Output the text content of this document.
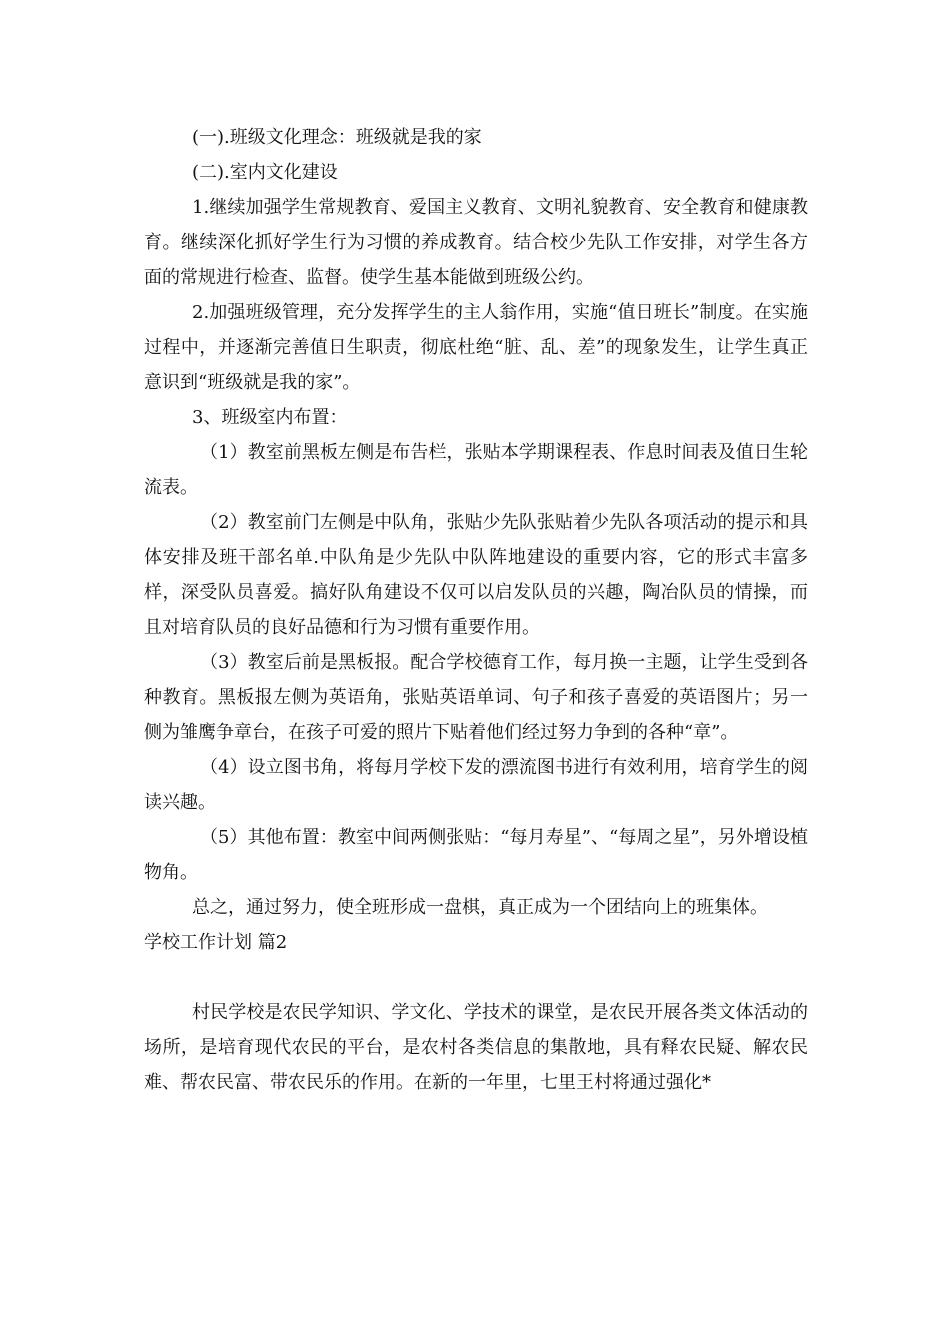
(一).班级文化理念：班级就是我的家

(二).室内文化建设

1.继续加强学生常规教育、爱国主义教育、文明礼貌教育、安全教育和健康教育。继续深化抓好学生行为习惯的养成教育。结合校少先队工作安排，对学生各方面的常规进行检查、监督。使学生基本能做到班级公约。

2.加强班级管理，充分发挥学生的主人翁作用，实施“值日班长”制度。在实施过程中，并逐渐完善值日生职责，彻底杜绝“脏、乱、差”的现象发生，让学生真正意识到“班级就是我的家”。

3、班级室内布置：

（1）教室前黑板左侧是布告栏，张贴本学期课程表、作息时间表及值日生轮流表。

（2）教室前门左侧是中队角，张贴少先队张贴着少先队各项活动的提示和具体安排及班干部名单.中队角是少先队中队阵地建设的重要内容，它的形式丰富多样，深受队员喜爱。搞好队角建设不仅可以启发队员的兴趣，陶冶队员的情操，而且对培育队员的良好品德和行为习惯有重要作用。

（3）教室后前是黑板报。配合学校德育工作，每月换一主题，让学生受到各种教育。黑板报左侧为英语角，张贴英语单词、句子和孩子喜爱的英语图片；另一侧为雏鹰争章台，在孩子可爱的照片下贴着他们经过努力争到的各种“章”。

（4）设立图书角，将每月学校下发的漂流图书进行有效利用，培育学生的阅读兴趣。

（5）其他布置：教室中间两侧张贴：“每月寿星”、“每周之星”，另外增设植物角。

总之，通过努力，使全班形成一盘棋，真正成为一个团结向上的班集体。

学校工作计划 篇2

村民学校是农民学知识、学文化、学技术的课堂，是农民开展各类文体活动的场所，是培育现代农民的平台，是农村各类信息的集散地，具有释农民疑、解农民难、帮农民富、带农民乐的作用。在新的一年里，七里王村将通过强化*
